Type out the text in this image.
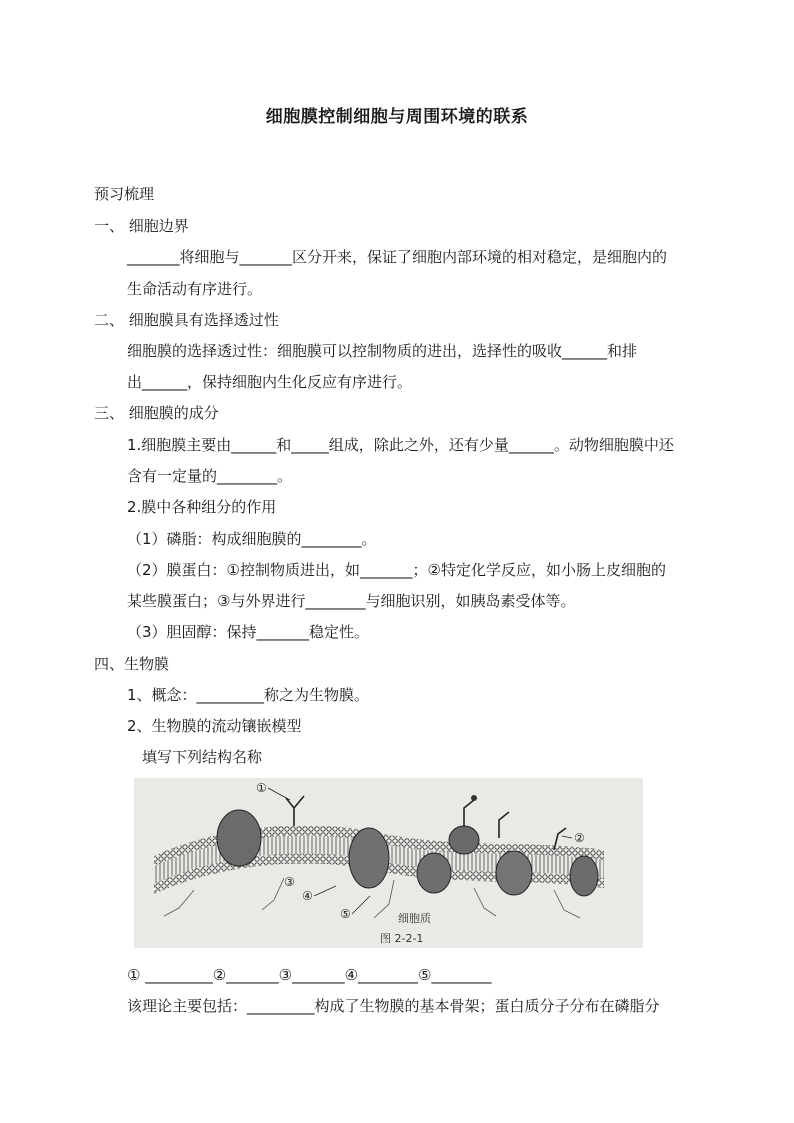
细胞膜控制细胞与周围环境的联系
预习梳理
一、 细胞边界
_______将细胞与_______区分开来，保证了细胞内部环境的相对稳定，是细胞内的
生命活动有序进行。
二、 细胞膜具有选择透过性
细胞膜的选择透过性：细胞膜可以控制物质的进出，选择性的吸收______和排
出______，保持细胞内生化反应有序进行。
三、 细胞膜的成分
1.细胞膜主要由______和_____组成，除此之外，还有少量______。动物细胞膜中还
含有一定量的________。
2.膜中各种组分的作用
（1）磷脂：构成细胞膜的________。
（2）膜蛋白：①控制物质进出，如_______；②特定化学反应，如小肠上皮细胞的
某些膜蛋白；③与外界进行________与细胞识别，如胰岛素受体等。
（3）胆固醇：保持_______稳定性。
四、生物膜
1、概念：_________称之为生物膜。
2、生物膜的流动镶嵌模型
填写下列结构名称
①
②
③
④
⑤	细胞质
图 2-2-1
① _________②_______③_______④________⑤________
该理论主要包括：_________构成了生物膜的基本骨架；蛋白质分子分布在磷脂分
